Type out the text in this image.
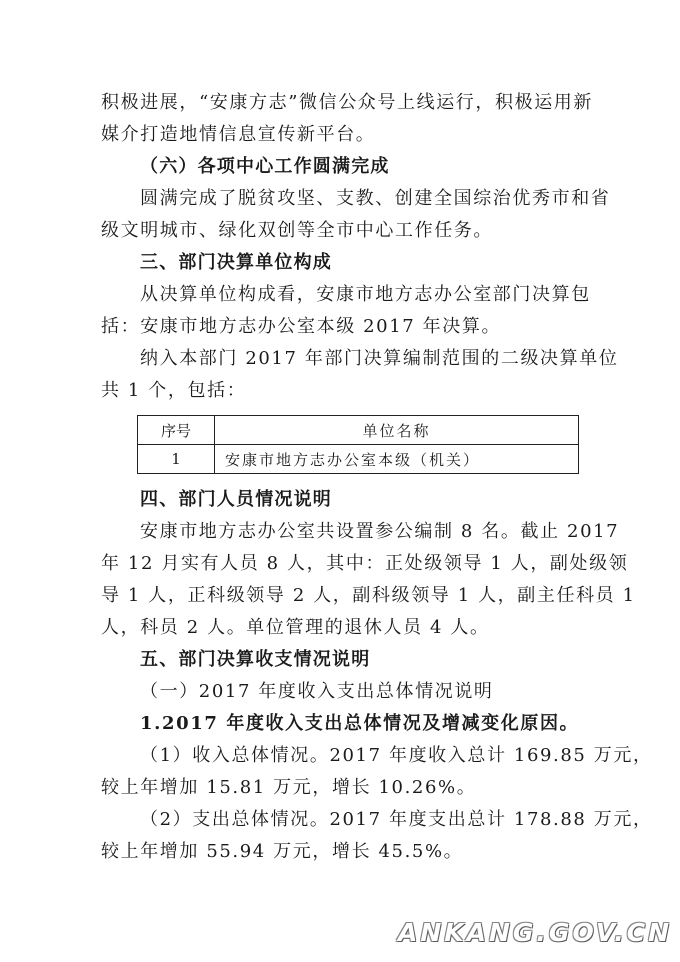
积极进展，“安康方志”微信公众号上线运行，积极运用新
媒介打造地情信息宣传新平台。
（六）各项中心工作圆满完成
圆满完成了脱贫攻坚、支教、创建全国综治优秀市和省
级文明城市、绿化双创等全市中心工作任务。
三、部门决算单位构成
从决算单位构成看，安康市地方志办公室部门决算包
括：安康市地方志办公室本级 2017 年决算。
纳入本部门 2017 年部门决算编制范围的二级决算单位
共 1 个，包括：
序号	单位名称
1	安康市地方志办公室本级（机关）
四、部门人员情况说明
安康市地方志办公室共设置参公编制 8 名。截止 2017
年 12 月实有人员 8 人，其中：正处级领导 1 人，副处级领
导 1 人，正科级领导 2 人，副科级领导 1 人，副主任科员 1
人，科员 2 人。单位管理的退休人员 4 人。
五、部门决算收支情况说明
（一）2017 年度收入支出总体情况说明
1.2017 年度收入支出总体情况及增减变化原因。
（1）收入总体情况。2017 年度收入总计 169.85 万元，
较上年增加 15.81 万元，增长 10.26%。
（2）支出总体情况。2017 年度支出总计 178.88 万元，
较上年增加 55.94 万元，增长 45.5%。
ANKANG.GOV.CN
